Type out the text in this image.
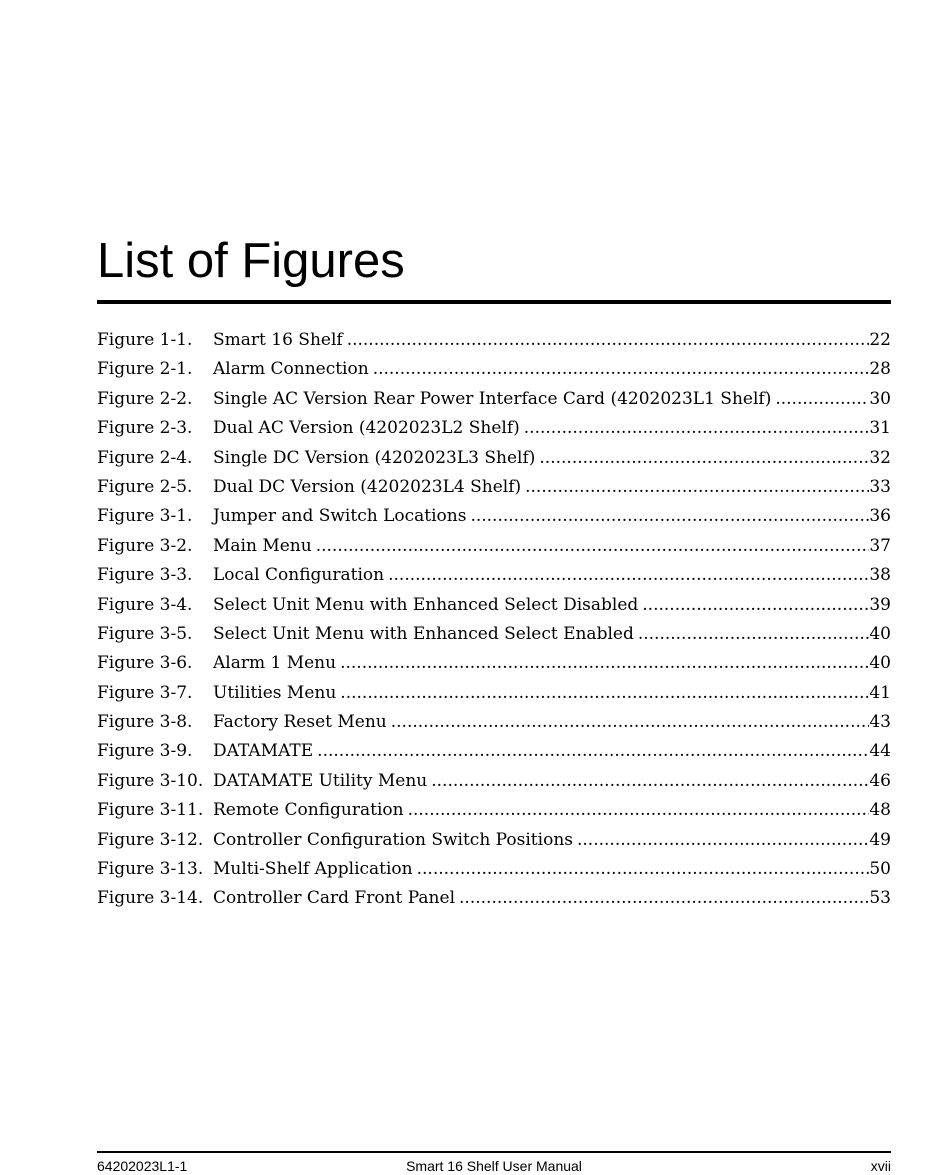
List of Figures
Figure 1-1.	Smart 16 Shelf .....	22
Figure 2-1.	Alarm Connection .....	28
Figure 2-2.	Single AC Version Rear Power Interface Card (4202023L1 Shelf) .....	30
Figure 2-3.	Dual AC Version (4202023L2 Shelf) .....	31
Figure 2-4.	Single DC Version (4202023L3 Shelf) .....	32
Figure 2-5.	Dual DC Version (4202023L4 Shelf) .....	33
Figure 3-1.	Jumper and Switch Locations .....	36
Figure 3-2.	Main Menu .....	37
Figure 3-3.	Local Configuration .....	38
Figure 3-4.	Select Unit Menu with Enhanced Select Disabled .....	39
Figure 3-5.	Select Unit Menu with Enhanced Select Enabled .....	40
Figure 3-6.	Alarm 1 Menu .....	40
Figure 3-7.	Utilities Menu .....	41
Figure 3-8.	Factory Reset Menu .....	43
Figure 3-9.	DATAMATE .....	44
Figure 3-10. DATAMATE Utility Menu .....	46
Figure 3-11. Remote Configuration .....	48
Figure 3-12. Controller Configuration Switch Positions .....	49
Figure 3-13. Multi-Shelf Application .....	50
Figure 3-14. Controller Card Front Panel .....	53
Smart 16 Shelf User Manual
64202023L1-1	xvii
